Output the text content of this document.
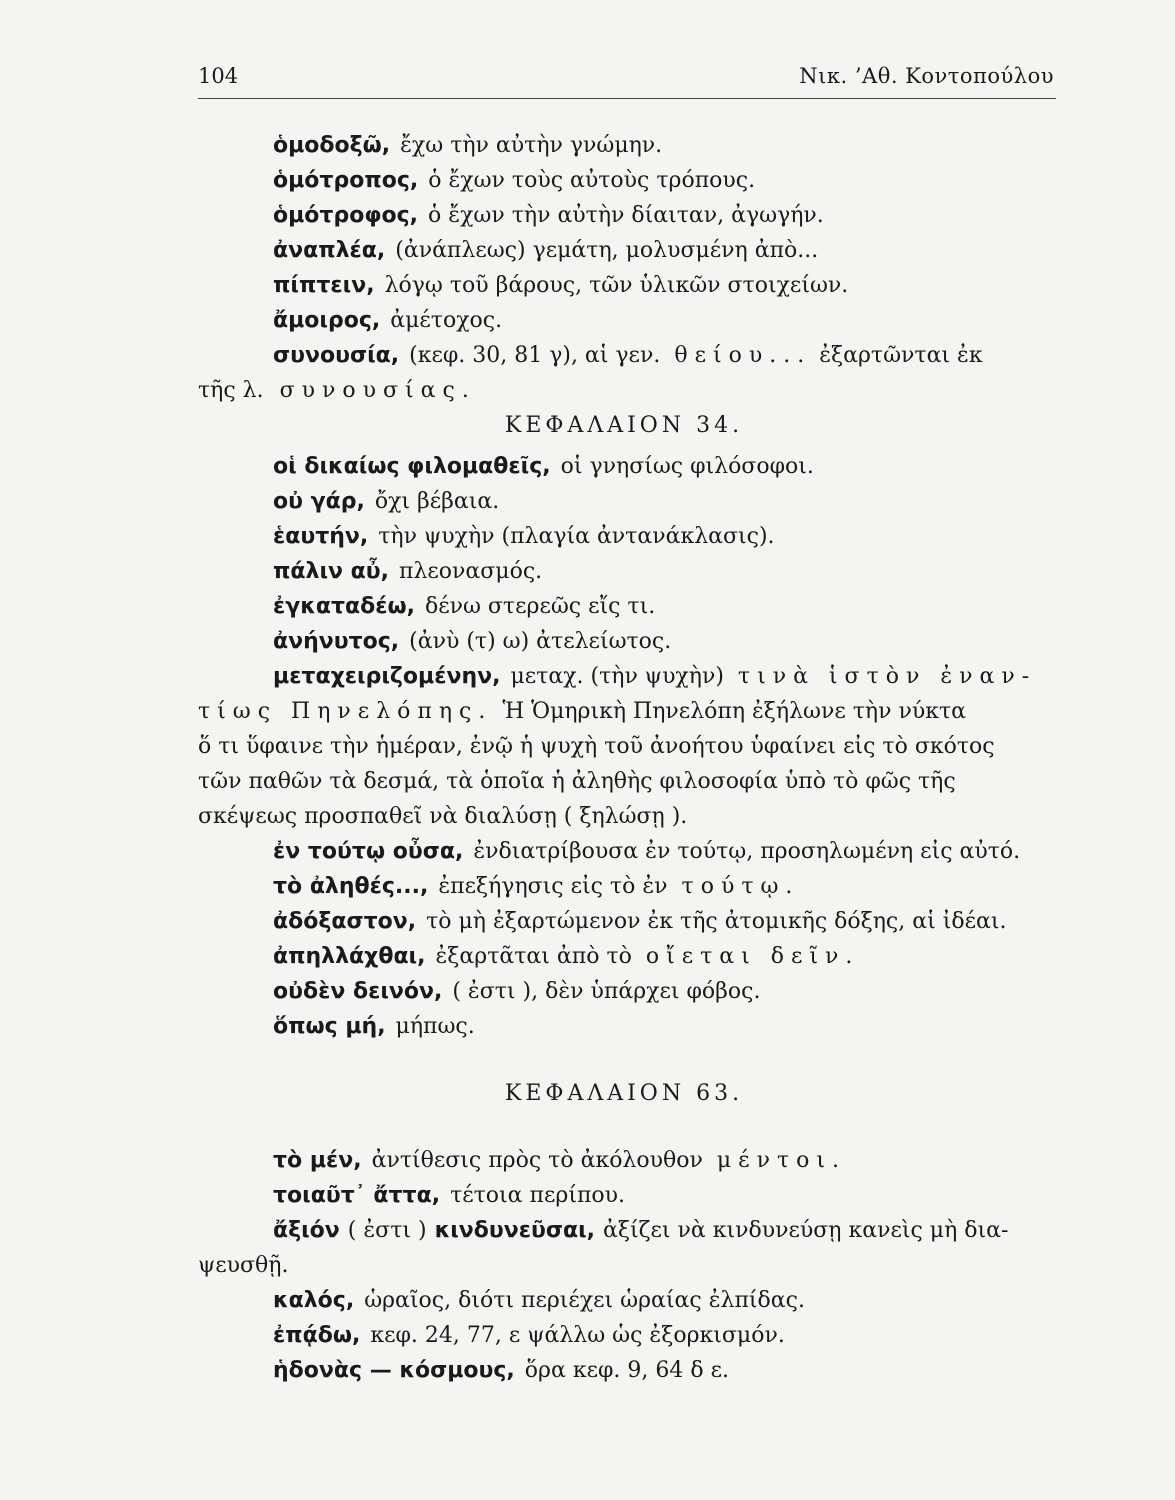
104	Νικ. ’Αθ. Κοντοπούλου
ὁμοδοξῶ, ἔχω τὴν αὐτὴν γνώμην.
ὁμότροπος, ὁ ἔχων τοὺς αὐτοὺς τρόπους.
ὁμότροφος, ὁ ἔχων τὴν αὐτὴν δίαιταν, ἀγωγήν.
ἀναπλέα, (ἀνάπλεως) γεμάτη, μολυσμένη ἀπὸ...
πίπτειν, λόγῳ τοῦ βάρους, τῶν ὑλικῶν στοιχείων.
ἄμοιρος, ἀμέτοχος.
συνουσία, (κεφ. 30, 81 γ), αἱ γεν. θείου... ἐξαρτῶνται ἐκ
τῆς λ. συνουσίας.
ΚΕΦΑΛΑΙΟΝ 34.
οἱ δικαίως φιλομαθεῖς, οἱ γνησίως φιλόσοφοι.
οὐ γάρ, ὄχι βέβαια.
ἑαυτήν, τὴν ψυχὴν (πλαγία ἀντανάκλασις).
πάλιν αὖ, πλεονασμός.
ἐγκαταδέω, δένω στερεῶς εἴς τι.
ἀνήνυτος, (ἀνὺ (τ) ω) ἀτελείωτος.
μεταχειριζομένην, μεταχ. (τὴν ψυχὴν) τινὰ ἱστὸν ἐναν-
τίως Πηνελόπης. Ἡ Ὁμηρικὴ Πηνελόπη ἐξήλωνε τὴν νύκτα
ὅ τι ὕφαινε τὴν ἡμέραν, ἐνῷ ἡ ψυχὴ τοῦ ἀνοήτου ὑφαίνει εἰς τὸ σκότος
τῶν παθῶν τὰ δεσμά, τὰ ὁποῖα ἡ ἀληθὴς φιλοσοφία ὑπὸ τὸ φῶς τῆς
σκέψεως προσπαθεῖ νὰ διαλύσῃ ( ξηλώσῃ ).
ἐν τούτῳ οὖσα, ἐνδιατρίβουσα ἐν τούτῳ, προσηλωμένη εἰς αὐτό.
τὸ ἀληθές..., ἐπεξήγησις εἰς τὸ ἐν τούτῳ.
ἀδόξαστον, τὸ μὴ ἐξαρτώμενον ἐκ τῆς ἀτομικῆς δόξης, αἱ ἰδέαι.
ἀπηλλάχθαι, ἐξαρτᾶται ἀπὸ τὸ οἴεται δεῖν.
οὐδὲν δεινόν, ( ἐστι ), δὲν ὑπάρχει φόβος.
ὅπως μή, μήπως.
ΚΕΦΑΛΑΙΟΝ 63.
τὸ μέν, ἀντίθεσις πρὸς τὸ ἀκόλουθον μέντοι.
τοιαῦτ᾽ ἄττα, τέτοια περίπου.
ἄξιόν ( ἐστι ) κινδυνεῦσαι, ἀξίζει νὰ κινδυνεύσῃ κανεὶς μὴ δια-
ψευσθῇ.
καλός, ὡραῖος, διότι περιέχει ὡραίας ἐλπίδας.
ἐπᾴδω, κεφ. 24, 77, ε ψάλλω ὡς ἐξορκισμόν.
ἡδονὰς — κόσμους, ὅρα κεφ. 9, 64 δ ε.
